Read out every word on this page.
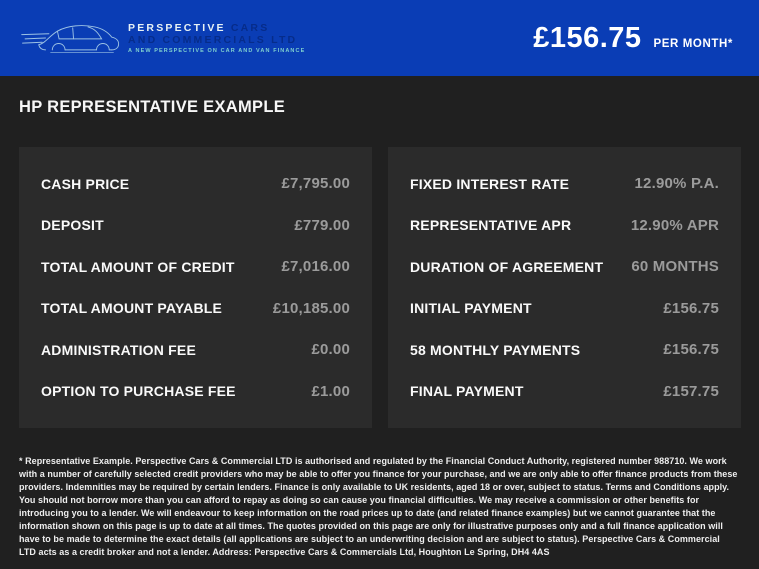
PERSPECTIVE CARS
AND COMMERCIALS LTD
A NEW PERSPECTIVE ON CAR AND VAN FINANCE	£156.75 PER MONTH*
HP REPRESENTATIVE EXAMPLE
CASH PRICE	£7,795.00
DEPOSIT	£779.00
TOTAL AMOUNT OF CREDIT	£7,016.00
TOTAL AMOUNT PAYABLE	£10,185.00
ADMINISTRATION FEE	£0.00
OPTION TO PURCHASE FEE	£1.00
FIXED INTEREST RATE	12.90% P.A.
REPRESENTATIVE APR	12.90% APR
DURATION OF AGREEMENT 60 MONTHS
INITIAL PAYMENT	£156.75
58 MONTHLY PAYMENTS	£156.75
FINAL PAYMENT	£157.75

* Representative Example. Perspective Cars & Commercial LTD is authorised and regulated by the Financial Conduct Authority, registered number 988710. We work with a number of carefully selected credit providers who may be able to offer you finance for your purchase, and we are only able to offer finance products from these providers. Indemnities may be required by certain lenders. Finance is only available to UK residents, aged 18 or over, subject to status. Terms and Conditions apply. You should not borrow more than you can afford to repay as doing so can cause you financial difficulties. We may receive a commission or other benefits for introducing you to a lender. We will endeavour to keep information on the road prices up to date (and related finance examples) but we cannot guarantee that the information shown on this page is up to date at all times. The quotes provided on this page are only for illustrative purposes only and a full finance application will have to be made to determine the exact details (all applications are subject to an underwriting decision and are subject to status). Perspective Cars & Commercial LTD acts as a credit broker and not a lender. Address: Perspective Cars & Commercials Ltd, Houghton Le Spring, DH4 4AS
